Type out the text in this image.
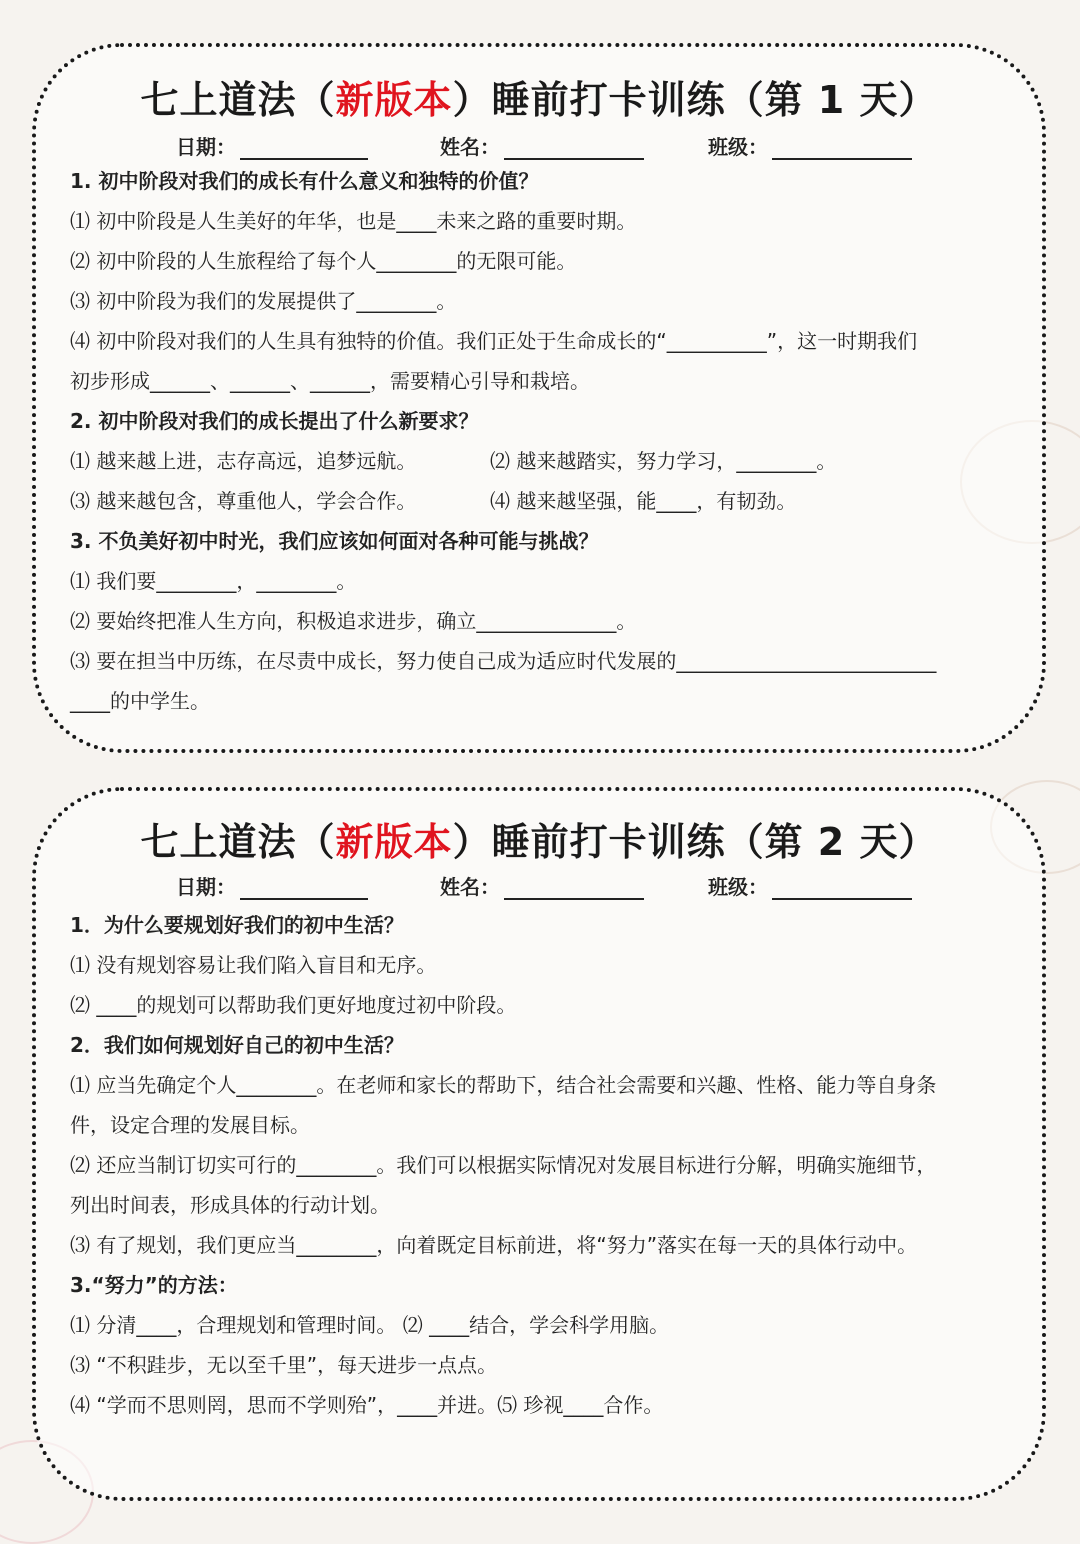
七上道法（新版本）睡前打卡训练（第 1 天）
日期：	姓名：	班级：
1. 初中阶段对我们的成长有什么意义和独特的价值？
⑴ 初中阶段是人生美好的年华，也是____未来之路的重要时期。
⑵ 初中阶段的人生旅程给了每个人________的无限可能。
⑶ 初中阶段为我们的发展提供了________。
⑷ 初中阶段对我们的人生具有独特的价值。我们正处于生命成长的“__________”，这一时期我们
初步形成______、______、______，需要精心引导和栽培。
2. 初中阶段对我们的成长提出了什么新要求？
⑴ 越来越上进，志存高远，追梦远航。	⑵ 越来越踏实，努力学习，________。
⑶ 越来越包含，尊重他人，学会合作。	⑷ 越来越坚强，能____，有韧劲。
3. 不负美好初中时光，我们应该如何面对各种可能与挑战？
⑴ 我们要________，________。
⑵ 要始终把准人生方向，积极追求进步，确立______________。
⑶ 要在担当中历练，在尽责中成长，努力使自己成为适应时代发展的__________________________
____的中学生。
七上道法（新版本）睡前打卡训练（第 2 天）
日期：	姓名：	班级：
1．为什么要规划好我们的初中生活？
⑴ 没有规划容易让我们陷入盲目和无序。
⑵ ____的规划可以帮助我们更好地度过初中阶段。
2．我们如何规划好自己的初中生活？
⑴ 应当先确定个人________。在老师和家长的帮助下，结合社会需要和兴趣、性格、能力等自身条
件，设定合理的发展目标。
⑵ 还应当制订切实可行的________。我们可以根据实际情况对发展目标进行分解，明确实施细节，
列出时间表，形成具体的行动计划。
⑶ 有了规划，我们更应当________，向着既定目标前进，将“努力”落实在每一天的具体行动中。
3.“努力”的方法：
⑴ 分清____，合理规划和管理时间。 ⑵ ____结合，学会科学用脑。
⑶ “不积跬步，无以至千里”，每天进步一点点。
⑷ “学而不思则罔，思而不学则殆”，____并进。⑸ 珍视____合作。
